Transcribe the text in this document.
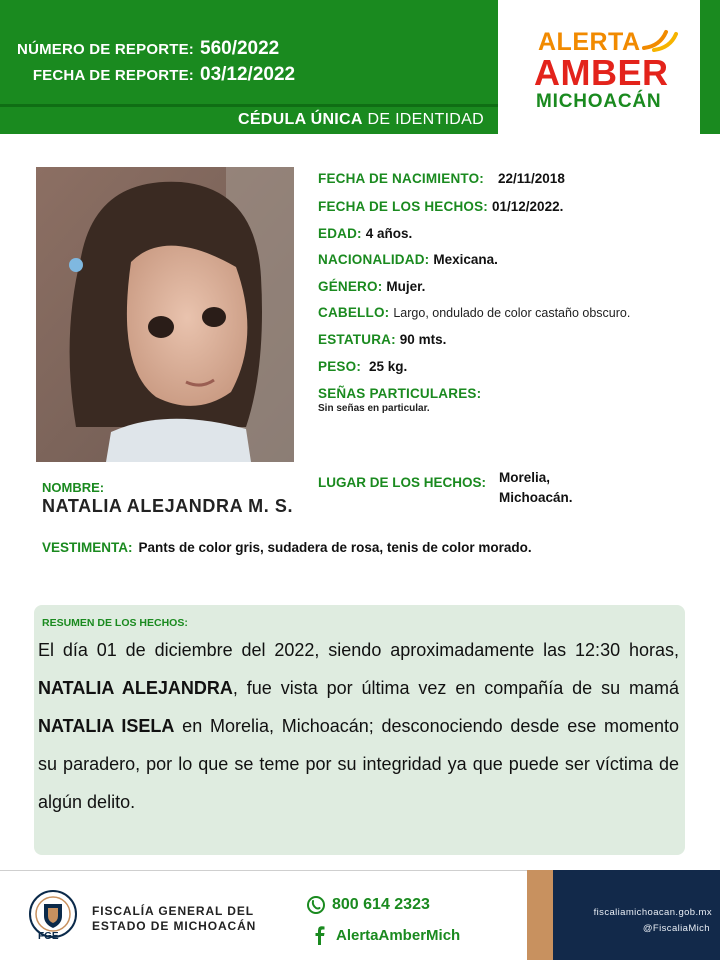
NÚMERO DE REPORTE: 560/2022
FECHA DE REPORTE: 03/12/2022
CÉDULA ÚNICA DE IDENTIDAD
ALERTA
AMBER
MICHOACÁN
FECHA DE NACIMIENTO:	22/11/2018
FECHA DE LOS HECHOS: 01/12/2022.
EDAD: 4 años.
NACIONALIDAD: Mexicana.
GÉNERO: Mujer.
CABELLO: Largo, ondulado de color castaño obscuro.
ESTATURA: 90 mts.
PESO: 25 kg.
SEÑAS PARTICULARES:
Sin señas en particular.
NOMBRE:
NATALIA ALEJANDRA M. S.
LUGAR DE LOS HECHOS: Morelia,
Michoacán.
VESTIMENTA: Pants de color gris, sudadera de rosa, tenis de color morado.
RESUMEN DE LOS HECHOS:
El día 01 de diciembre del 2022, siendo aproximadamente las 12:30 horas, NATALIA ALEJANDRA, fue vista por última vez en compañía de su mamá NATALIA ISELA en Morelia, Michoacán; desconociendo desde ese momento su paradero, por lo que se teme por su integridad ya que puede ser víctima de algún delito.
FGE
FISCALÍA GENERAL DEL
ESTADO DE MICHOACÁN
800 614 2323
AlertaAmberMich
fiscaliamichoacan.gob.mx
@FiscaliaMich
